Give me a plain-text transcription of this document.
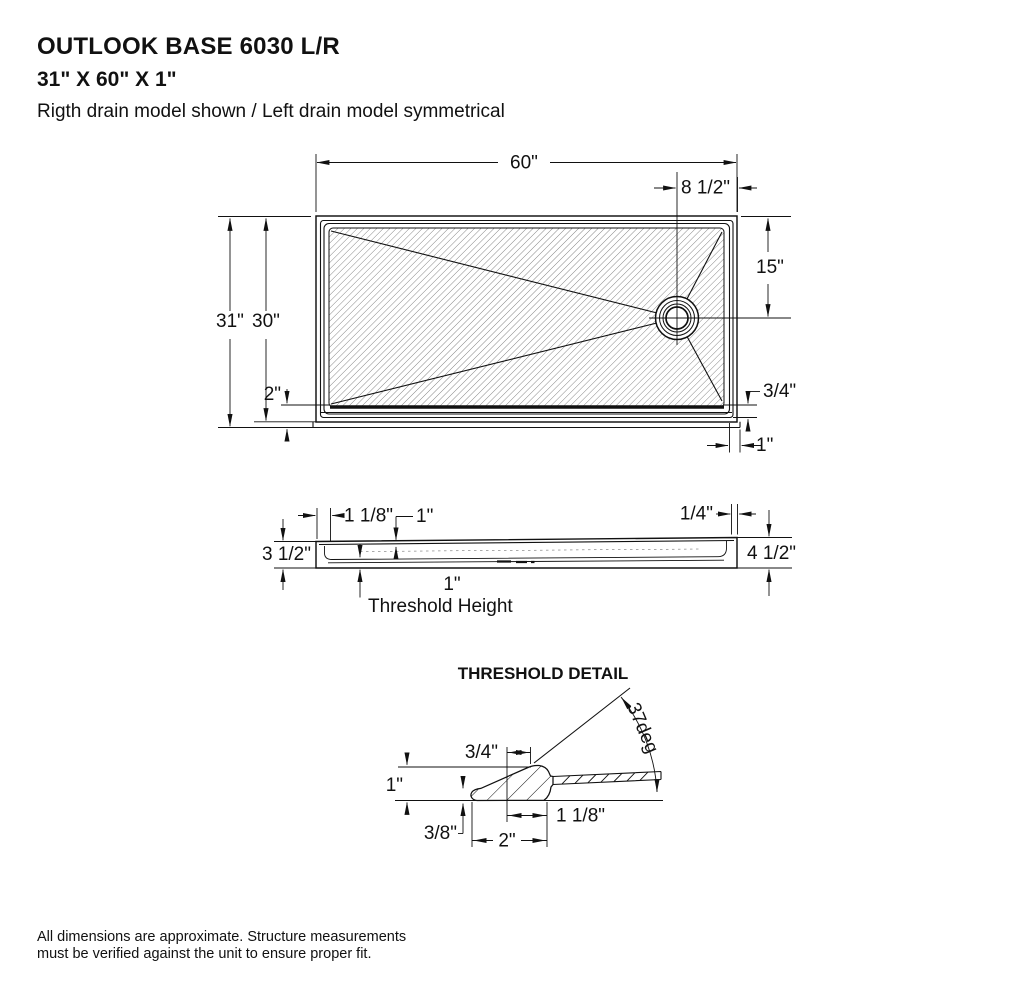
OUTLOOK BASE 6030 L/R
31" X 60" X 1"
Rigth drain model shown / Left drain model symmetrical
60"
8 1/2"
15"
31" 30"
2"	3/4"
1"
1 1/8" 1"	1/4"
3 1/2"	4 1/2"
1"
Threshold Height
THRESHOLD DETAIL
37deg
3/4"
1"
3/8"
1 1/8"
2"
All dimensions are approximate. Structure measurements
must be verified against the unit to ensure proper fit.
